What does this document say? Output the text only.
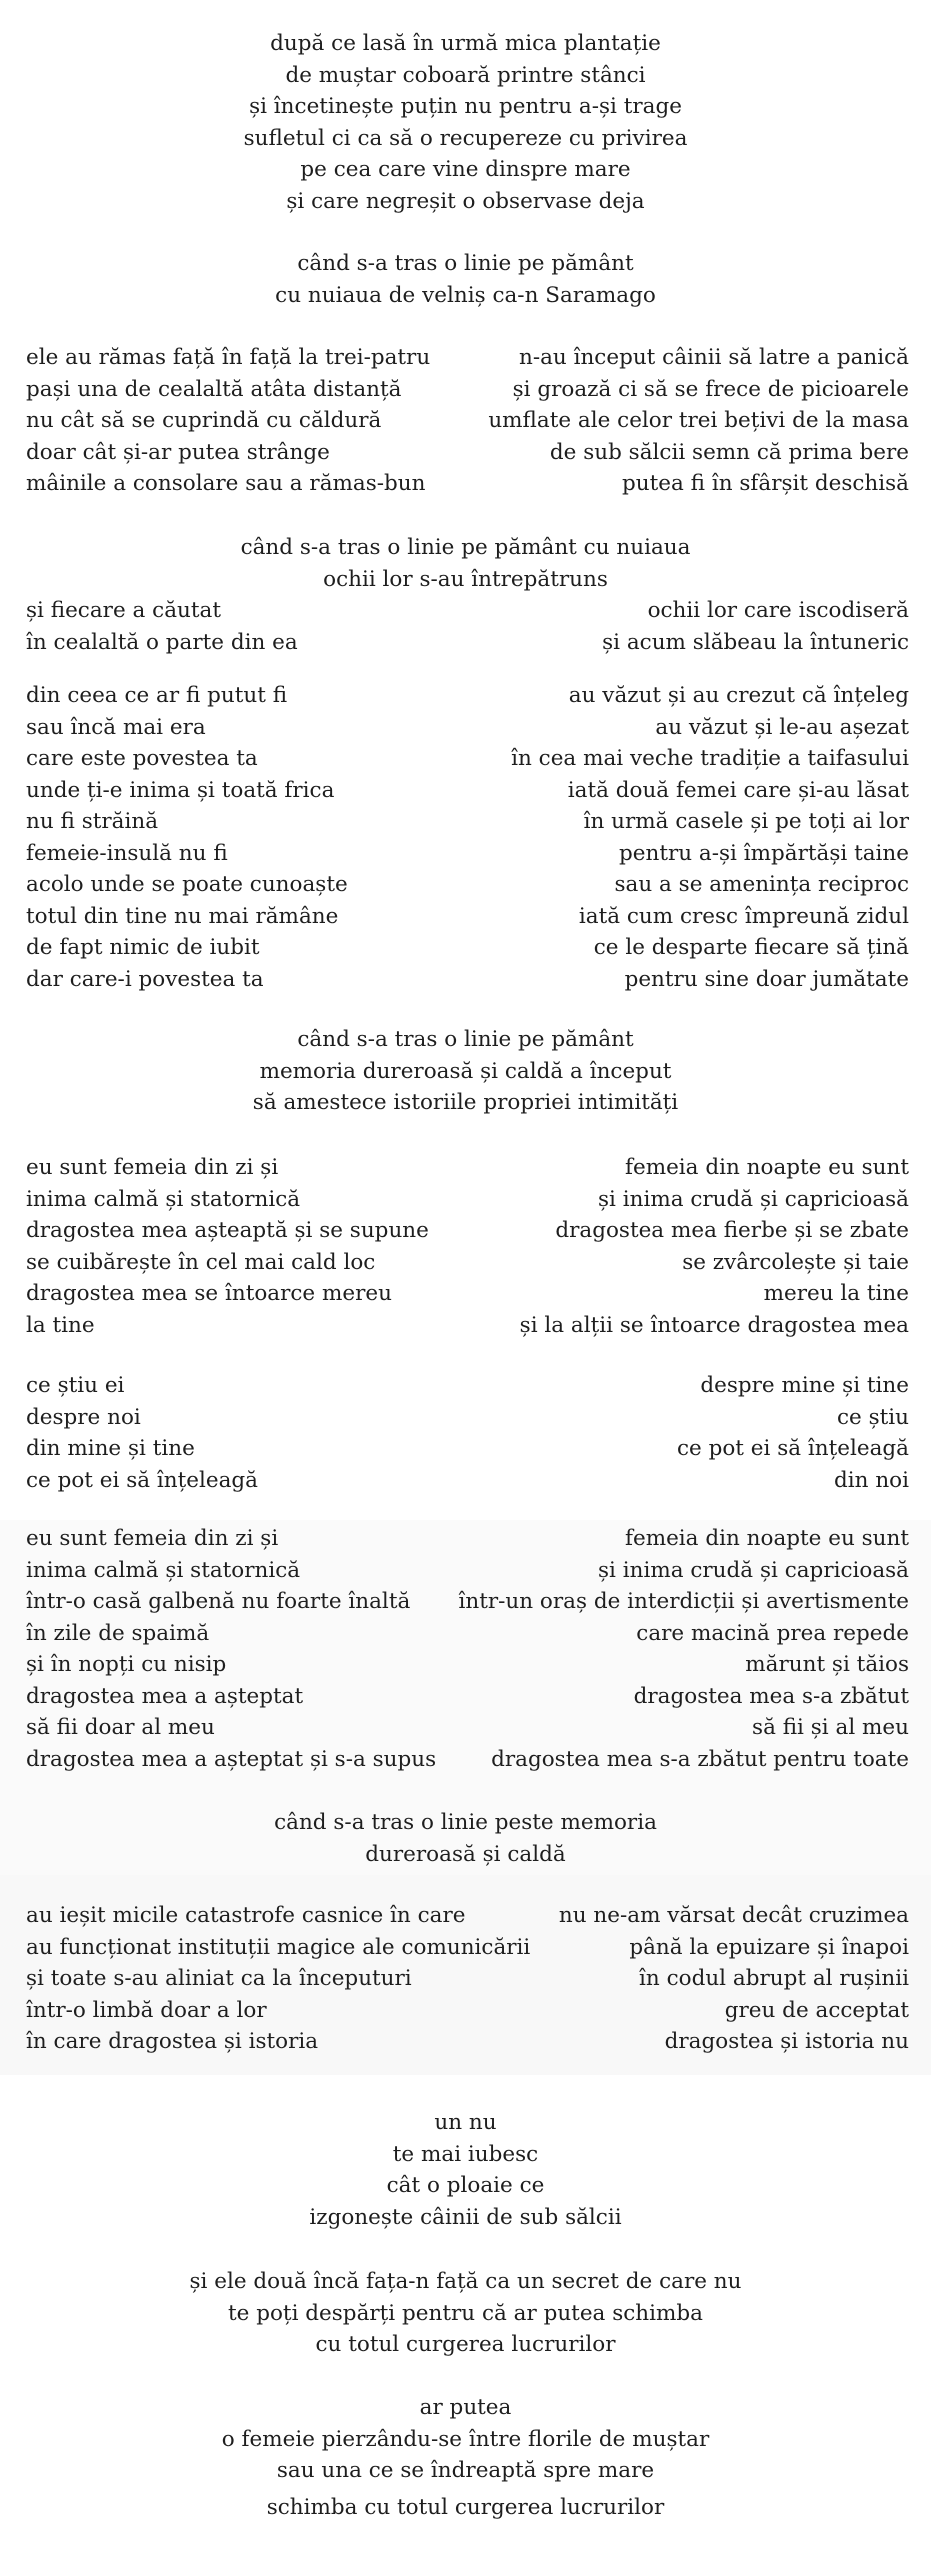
după ce lasă în urmă mica plantație
de muștar coboară printre stânci
și încetinește puțin nu pentru a-și trage
sufletul ci ca să o recupereze cu privirea
pe cea care vine dinspre mare
și care negreșit o observase deja
când s-a tras o linie pe pământ
cu nuiaua de velniș ca-n Saramago
ele au rămas față în față la trei-patru
pași una de cealaltă atâta distanță
nu cât să se cuprindă cu căldură
doar cât și-ar putea strânge
mâinile a consolare sau a rămas-bun
n-au început câinii să latre a panică
și groază ci să se frece de picioarele
umflate ale celor trei bețivi de la masa
de sub sălcii semn că prima bere
putea fi în sfârșit deschisă
când s-a tras o linie pe pământ cu nuiaua
ochii lor s-au întrepătruns
și fiecare a căutat
în cealaltă o parte din ea
ochii lor care iscodiseră
și acum slăbeau la întuneric
din ceea ce ar fi putut fi
sau încă mai era
care este povestea ta
unde ți-e inima și toată frica
nu fi străină
femeie-insulă nu fi
acolo unde se poate cunoaște
totul din tine nu mai rămâne
de fapt nimic de iubit
dar care-i povestea ta
au văzut și au crezut că înțeleg
au văzut și le-au așezat
în cea mai veche tradiție a taifasului
iată două femei care și-au lăsat
în urmă casele și pe toți ai lor
pentru a-și împărtăși taine
sau a se amenința reciproc
iată cum cresc împreună zidul
ce le desparte fiecare să țină
pentru sine doar jumătate
când s-a tras o linie pe pământ
memoria dureroasă și caldă a început
să amestece istoriile propriei intimități
eu sunt femeia din zi și
inima calmă și statornică
dragostea mea așteaptă și se supune
se cuibărește în cel mai cald loc
dragostea mea se întoarce mereu
la tine
femeia din noapte eu sunt
și inima crudă și capricioasă
dragostea mea fierbe și se zbate
se zvârcolește și taie
mereu la tine
și la alții se întoarce dragostea mea
ce știu ei
despre noi
din mine și tine
ce pot ei să înțeleagă
despre mine și tine
ce știu
ce pot ei să înțeleagă
din noi
eu sunt femeia din zi și
inima calmă și statornică
într-o casă galbenă nu foarte înaltă
în zile de spaimă
și în nopți cu nisip
dragostea mea a așteptat
să fii doar al meu
dragostea mea a așteptat și s-a supus
femeia din noapte eu sunt
și inima crudă și capricioasă
într-un oraș de interdicții și avertismente
care macină prea repede
mărunt și tăios
dragostea mea s-a zbătut
să fii și al meu
dragostea mea s-a zbătut pentru toate
când s-a tras o linie peste memoria
dureroasă și caldă
au ieșit micile catastrofe casnice în care
au funcționat instituții magice ale comunicării
și toate s-au aliniat ca la începuturi
într-o limbă doar a lor
în care dragostea și istoria
nu ne-am vărsat decât cruzimea
până la epuizare și înapoi
în codul abrupt al rușinii
greu de acceptat
dragostea și istoria nu
un nu
te mai iubesc
cât o ploaie ce
izgonește câinii de sub sălcii
și ele două încă fața-n față ca un secret de care nu
te poți despărți pentru că ar putea schimba
cu totul curgerea lucrurilor
ar putea
o femeie pierzându-se între florile de muștar
sau una ce se îndreaptă spre mare
schimba cu totul curgerea lucrurilor
